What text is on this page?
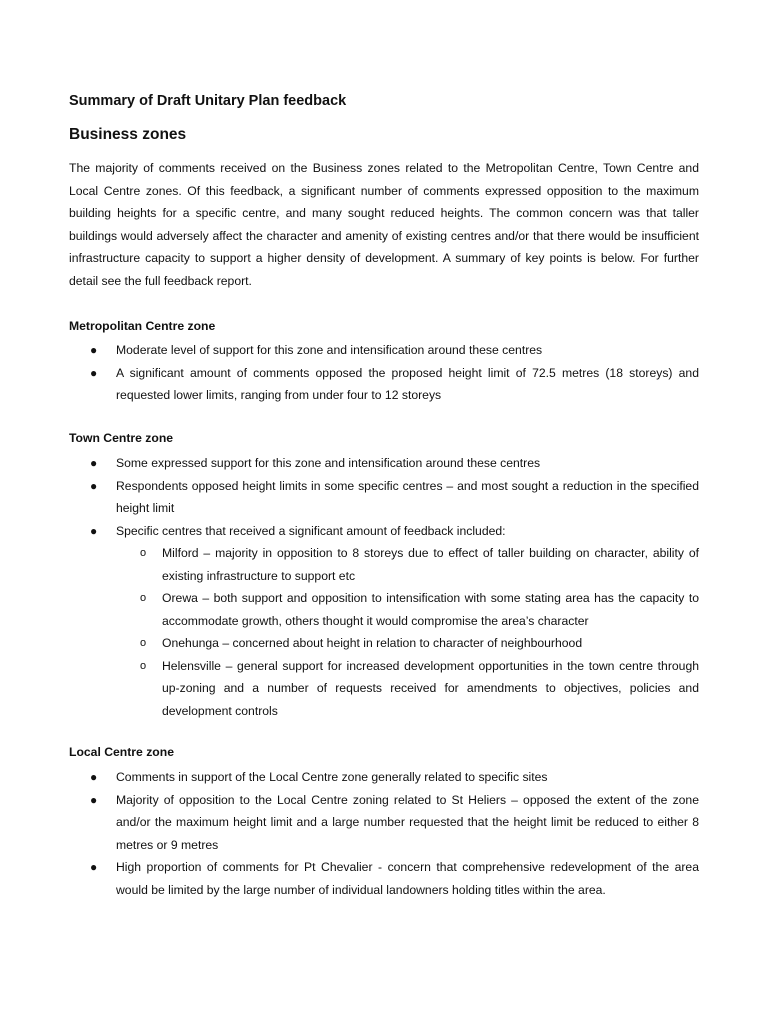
Summary of Draft Unitary Plan feedback
Business zones

The majority of comments received on the Business zones related to the Metropolitan Centre, Town Centre and Local Centre zones. Of this feedback, a significant number of comments expressed opposition to the maximum building heights for a specific centre, and many sought reduced heights. The common concern was that taller buildings would adversely affect the character and amenity of existing centres and/or that there would be insufficient infrastructure capacity to support a higher density of development. A summary of key points is below. For further detail see the full feedback report.

Metropolitan Centre zone
● Moderate level of support for this zone and intensification around these centres
● A significant amount of comments opposed the proposed height limit of 72.5 metres (18 storeys) and requested lower limits, ranging from under four to 12 storeys
Town Centre zone
● Some expressed support for this zone and intensification around these centres
● Respondents opposed height limits in some specific centres – and most sought a reduction in the specified height limit
● Specific centres that received a significant amount of feedback included:
o Milford – majority in opposition to 8 storeys due to effect of taller building on character, ability of existing infrastructure to support etc
o Orewa – both support and opposition to intensification with some stating area has the capacity to accommodate growth, others thought it would compromise the area’s character
o Onehunga – concerned about height in relation to character of neighbourhood
o Helensville – general support for increased development opportunities in the town centre through up-zoning and a number of requests received for amendments to objectives, policies and development controls
Local Centre zone
● Comments in support of the Local Centre zone generally related to specific sites
● Majority of opposition to the Local Centre zoning related to St Heliers – opposed the extent of the zone and/or the maximum height limit and a large number requested that the height limit be reduced to either 8 metres or 9 metres
● High proportion of comments for Pt Chevalier - concern that comprehensive redevelopment of the area would be limited by the large number of individual landowners holding titles within the area.
